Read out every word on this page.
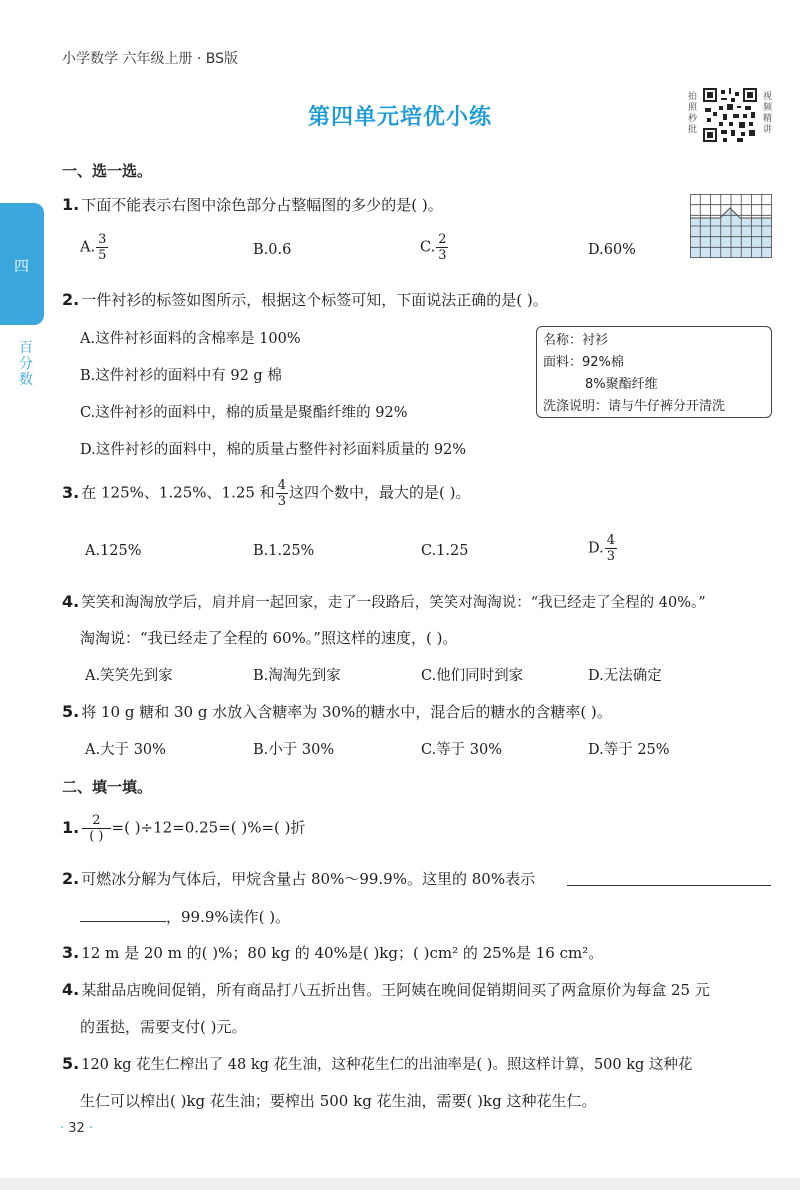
小学数学 六年级上册 · BS版
第四单元培优小练
拍照秒批
视频精讲
四
百分数
一、选一选。
1. 下面不能表示右图中涂色部分占整幅图的多少的是( )。
A. $\frac{3}{5}$	B.0.6	C. $\frac{2}{3}$	D.60%
2. 一件衬衫的标签如图所示，根据这个标签可知，下面说法正确的是( )。
A.这件衬衫面料的含棉率是 100%
B.这件衬衫的面料中有 92 g 棉
C.这件衬衫的面料中，棉的质量是聚酯纤维的 92%
D.这件衬衫的面料中，棉的质量占整件衬衫面料质量的 92%
名称：衬衫
面料：92%棉
8%聚酯纤维
洗涤说明：请与牛仔裤分开清洗
3. 在 125%、1.25%、1.25 和 $\frac{4}{3}$ 这四个数中，最大的是( )。
A.125%	B.1.25%	C.1.25	D. $\frac{4}{3}$
4. 笑笑和淘淘放学后，肩并肩一起回家，走了一段路后，笑笑对淘淘说：“我已经走了全程的 40%。”
淘淘说：“我已经走了全程的 60%。”照这样的速度，( )。
A.笑笑先到家	B.淘淘先到家	C.他们同时到家	D.无法确定
5. 将 10 g 糖和 30 g 水放入含糖率为 30%的糖水中，混合后的糖水的含糖率( )。
A.大于 30%	B.小于 30%	C.等于 30%	D.等于 25%
二、填一填。
1. $\frac{2}{( )}$ =( )÷12=0.25=( )%=( )折
2. 可燃冰分解为气体后，甲烷含量占 80%～99.9%。这里的 80%表示
，99.9%读作( )。
3. 12 m 是 20 m 的( )%；80 kg 的 40%是( )kg；( )cm² 的 25%是 16 cm²。
4. 某甜品店晚间促销，所有商品打八五折出售。王阿姨在晚间促销期间买了两盒原价为每盒 25 元
的蛋挞，需要支付( )元。
5. 120 kg 花生仁榨出了 48 kg 花生油，这种花生仁的出油率是( )。照这样计算，500 kg 这种花
生仁可以榨出( )kg 花生油；要榨出 500 kg 花生油，需要( )kg 这种花生仁。
· 32 ·
